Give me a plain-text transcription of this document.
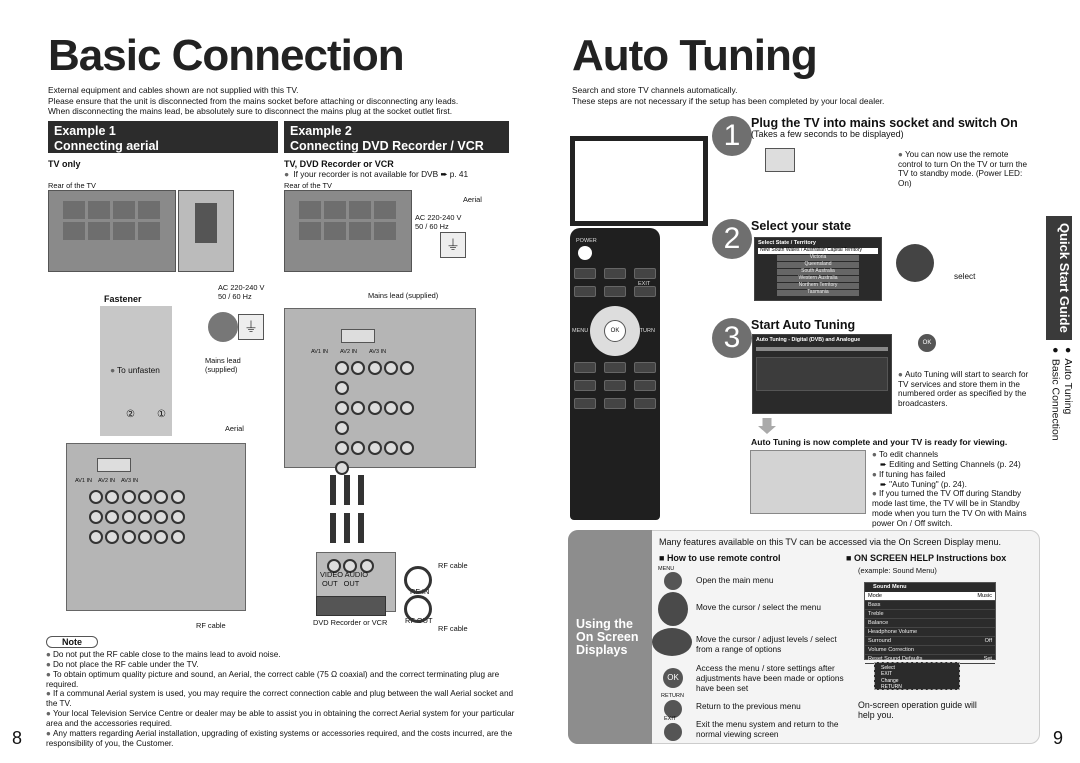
Basic Connection
External equipment and cables shown are not supplied with this TV.
Please ensure that the unit is disconnected from the mains socket before attaching or disconnecting any leads.
When disconnecting the mains lead, be absolutely sure to disconnect the mains plug at the socket outlet first.
Example 1
Connecting aerial
Example 2
Connecting DVD Recorder / VCR
TV only	TV, DVD Recorder or VCR
● If your recorder is not available for DVB ➨ p. 41
Rear of the TV	Rear of the TV
Aerial
AC 220-240 V
50 / 60 Hz
⏚
AC 220-240 V
50 / 60 Hz
Fastener	Mains lead (supplied)
⏚
Mains lead
(supplied)
● To unfasten
② ①
Aerial
AV1 IN AV2 IN AV3 IN

RF cable
AV1 IN AV2 IN AV3 IN

VIDEO AUDIO
OUT   OUT
RF cable
RF IN
DVD Recorder or VCR RF OUT
RF cable
Note
● Do not put the RF cable close to the mains lead to avoid noise.
● Do not place the RF cable under the TV.
● To obtain optimum quality picture and sound, an Aerial, the correct cable (75 Ω coaxial) and the correct terminating plug are required.
● If a communal Aerial system is used, you may require the correct connection cable and plug between the wall Aerial socket and the TV.
● Your local Television Service Centre or dealer may be able to assist you in obtaining the correct Aerial system for your particular area and the accessories required.
● Any matters regarding Aerial installation, upgrading of existing systems or accessories required, and the costs incurred, are the responsibility of you, the Customer.
8
Auto Tuning
Search and store TV channels automatically.
These steps are not necessary if the setup has been completed by your local dealer.
POWER
OK
EXIT
MENU	RETURN
1 Plug the TV into mains socket and switch On
(Takes a few seconds to be displayed)
● You can now use the remote control to turn On the TV or turn the TV to standby mode. (Power LED: On)
2 Select your state
Select State / Territory
New South Wales / Australian Capital Territory
Victoria
Queensland
South Australia
Western Australia
Northern Territory
Tasmania
select
3 Start Auto Tuning
Auto Tuning - Digital (DVB) and Analogue	OK
● Auto Tuning will start to search for TV services and store them in the numbered order as specified by the broadcasters.
Auto Tuning is now complete and your TV is ready for viewing.
● To edit channels
➨ Editing and Setting Channels (p. 24)
● If tuning has failed
➨ "Auto Tuning" (p. 24).
● If you turned the TV Off during Standby mode last time, the TV will be in Standby mode when you turn the TV On with Mains power On / Off switch.
Quick Start Guide
● Auto Tuning
● Basic Connection
Using the On Screen Displays
Many features available on this TV can be accessed via the On Screen Display menu.
■ How to use remote control	■ ON SCREEN HELP Instructions box
(example: Sound Menu)
MENU
Open the main menu
Move the cursor / select the menu
Move the cursor / adjust levels / select from a range of options
OK
Access the menu / store settings after adjustments have been made or options have been set
RETURN
Return to the previous menu
EXIT Exit the menu system and return to the normal viewing screen
Sound Menu
Mode	Music
Bass
Treble
Balance
Headphone Volume
Surround	Off
Volume Correction
Reset Sound Defaults	Set
Select
EXIT
Change
RETURN
On-screen operation guide will help you.
9
